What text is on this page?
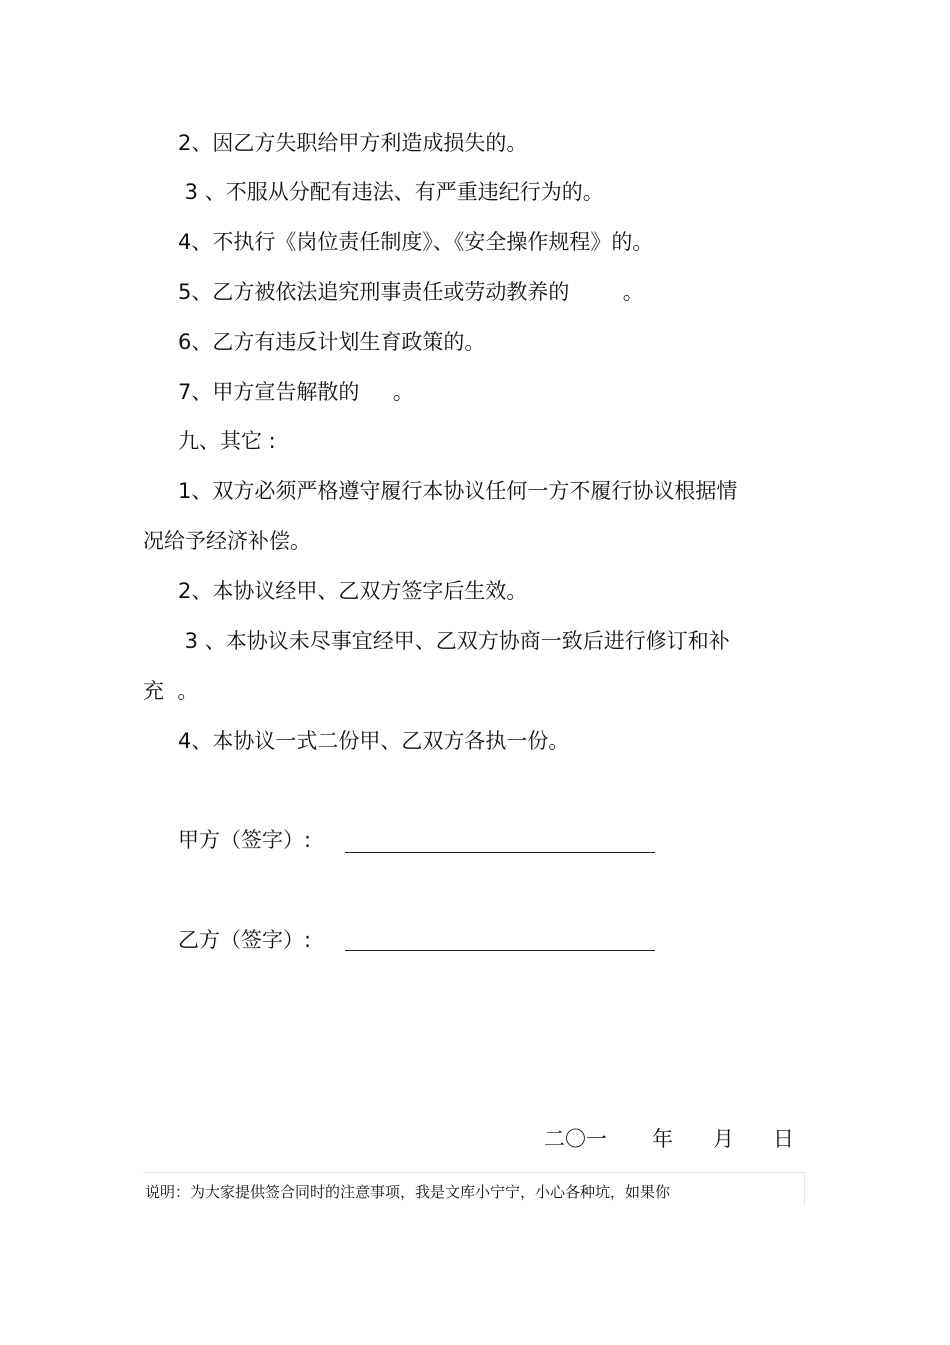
2、因乙方失职给甲方利造成损失的。
3 、不服从分配有违法、有严重违纪行为的。
4、不执行《岗位责任制度》、《安全操作规程》的。
5、乙方被依法追究刑事责任或劳动教养的        。
6、乙方有违反计划生育政策的。
7、甲方宣告解散的     。
九、其它 :
1、双方必须严格遵守履行本协议任何一方不履行协议根据情
况给予经济补偿。
2、本协议经甲、乙双方签字后生效。
3 、本协议未尽事宜经甲、乙双方协商一致后进行修订和补
充  。
4、本协议一式二份甲、乙双方各执一份。
甲方（签字）:
乙方（签字）:
二〇一 年 月 日
说明：为大家提供签合同时的注意事项，我是文库小宁宁，小心各种坑，如果你
